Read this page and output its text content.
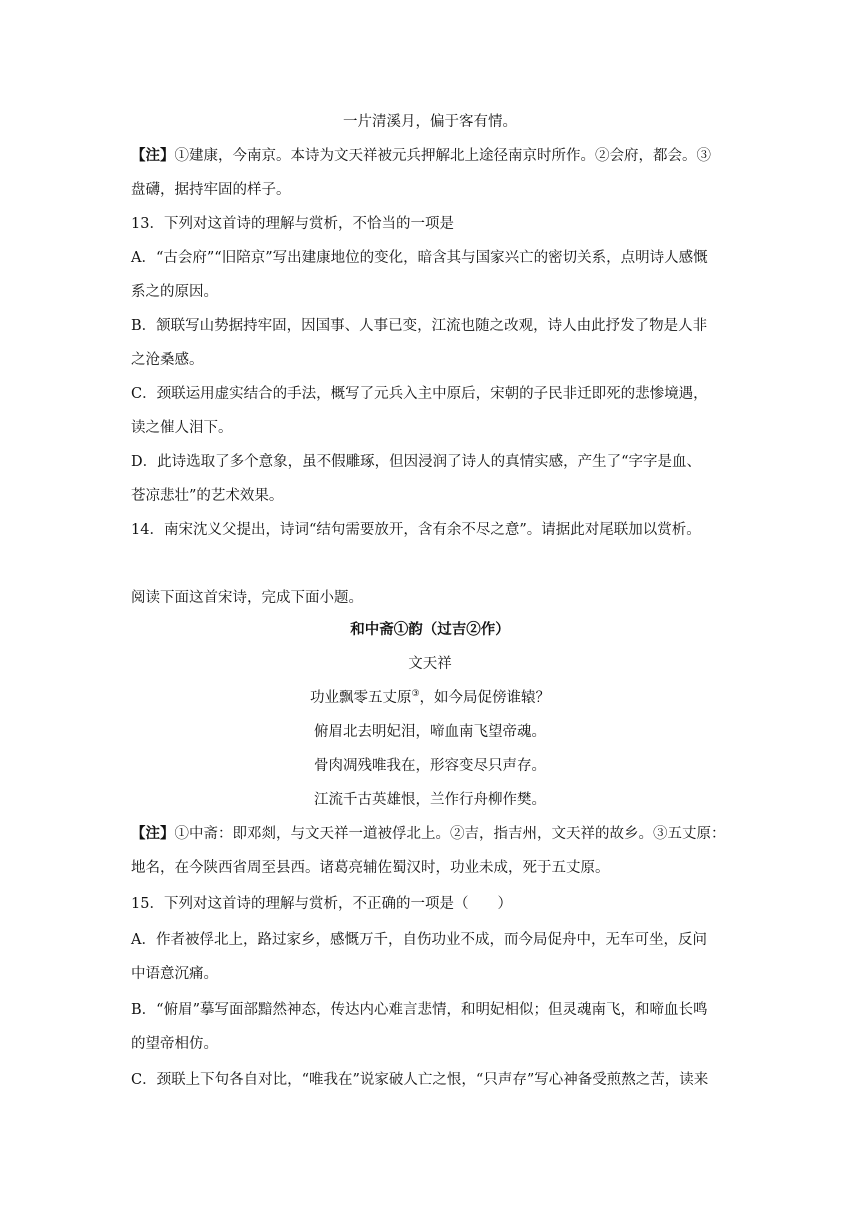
一片清溪月，偏于客有情。
【注】①建康，今南京。本诗为文天祥被元兵押解北上途径南京时所作。②会府，都会。③
盘礴，据持牢固的样子。
13．下列对这首诗的理解与赏析，不恰当的一项是
A．“古会府”“旧陪京”写出建康地位的变化，暗含其与国家兴亡的密切关系，点明诗人感慨
系之的原因。
B．颔联写山势据持牢固，因国事、人事已变，江流也随之改观，诗人由此抒发了物是人非
之沧桑感。
C．颈联运用虚实结合的手法，概写了元兵入主中原后，宋朝的子民非迁即死的悲惨境遇，
读之催人泪下。
D．此诗选取了多个意象，虽不假雕琢，但因浸润了诗人的真情实感，产生了“字字是血、
苍凉悲壮”的艺术效果。
14．南宋沈义父提出，诗词“结句需要放开，含有余不尽之意”。请据此对尾联加以赏析。
阅读下面这首宋诗，完成下面小题。
和中斋①韵（过吉②作）
文天祥
功业飘零五丈原③，如今局促傍谁辕？
俯眉北去明妃泪，啼血南飞望帝魂。
骨肉凋残唯我在，形容变尽只声存。
江流千古英雄恨，兰作行舟柳作樊。
【注】①中斋：即邓剡，与文天祥一道被俘北上。②吉，指吉州，文天祥的故乡。③五丈原：
地名，在今陕西省周至县西。诸葛亮辅佐蜀汉时，功业未成，死于五丈原。
15．下列对这首诗的理解与赏析，不正确的一项是（　　）
A．作者被俘北上，路过家乡，感慨万千，自伤功业不成，而今局促舟中，无车可坐，反问
中语意沉痛。
B．“俯眉”摹写面部黯然神态，传达内心难言悲情，和明妃相似；但灵魂南飞，和啼血长鸣
的望帝相仿。
C．颈联上下句各自对比，“唯我在”说家破人亡之恨，“只声存”写心神备受煎熬之苦，读来
